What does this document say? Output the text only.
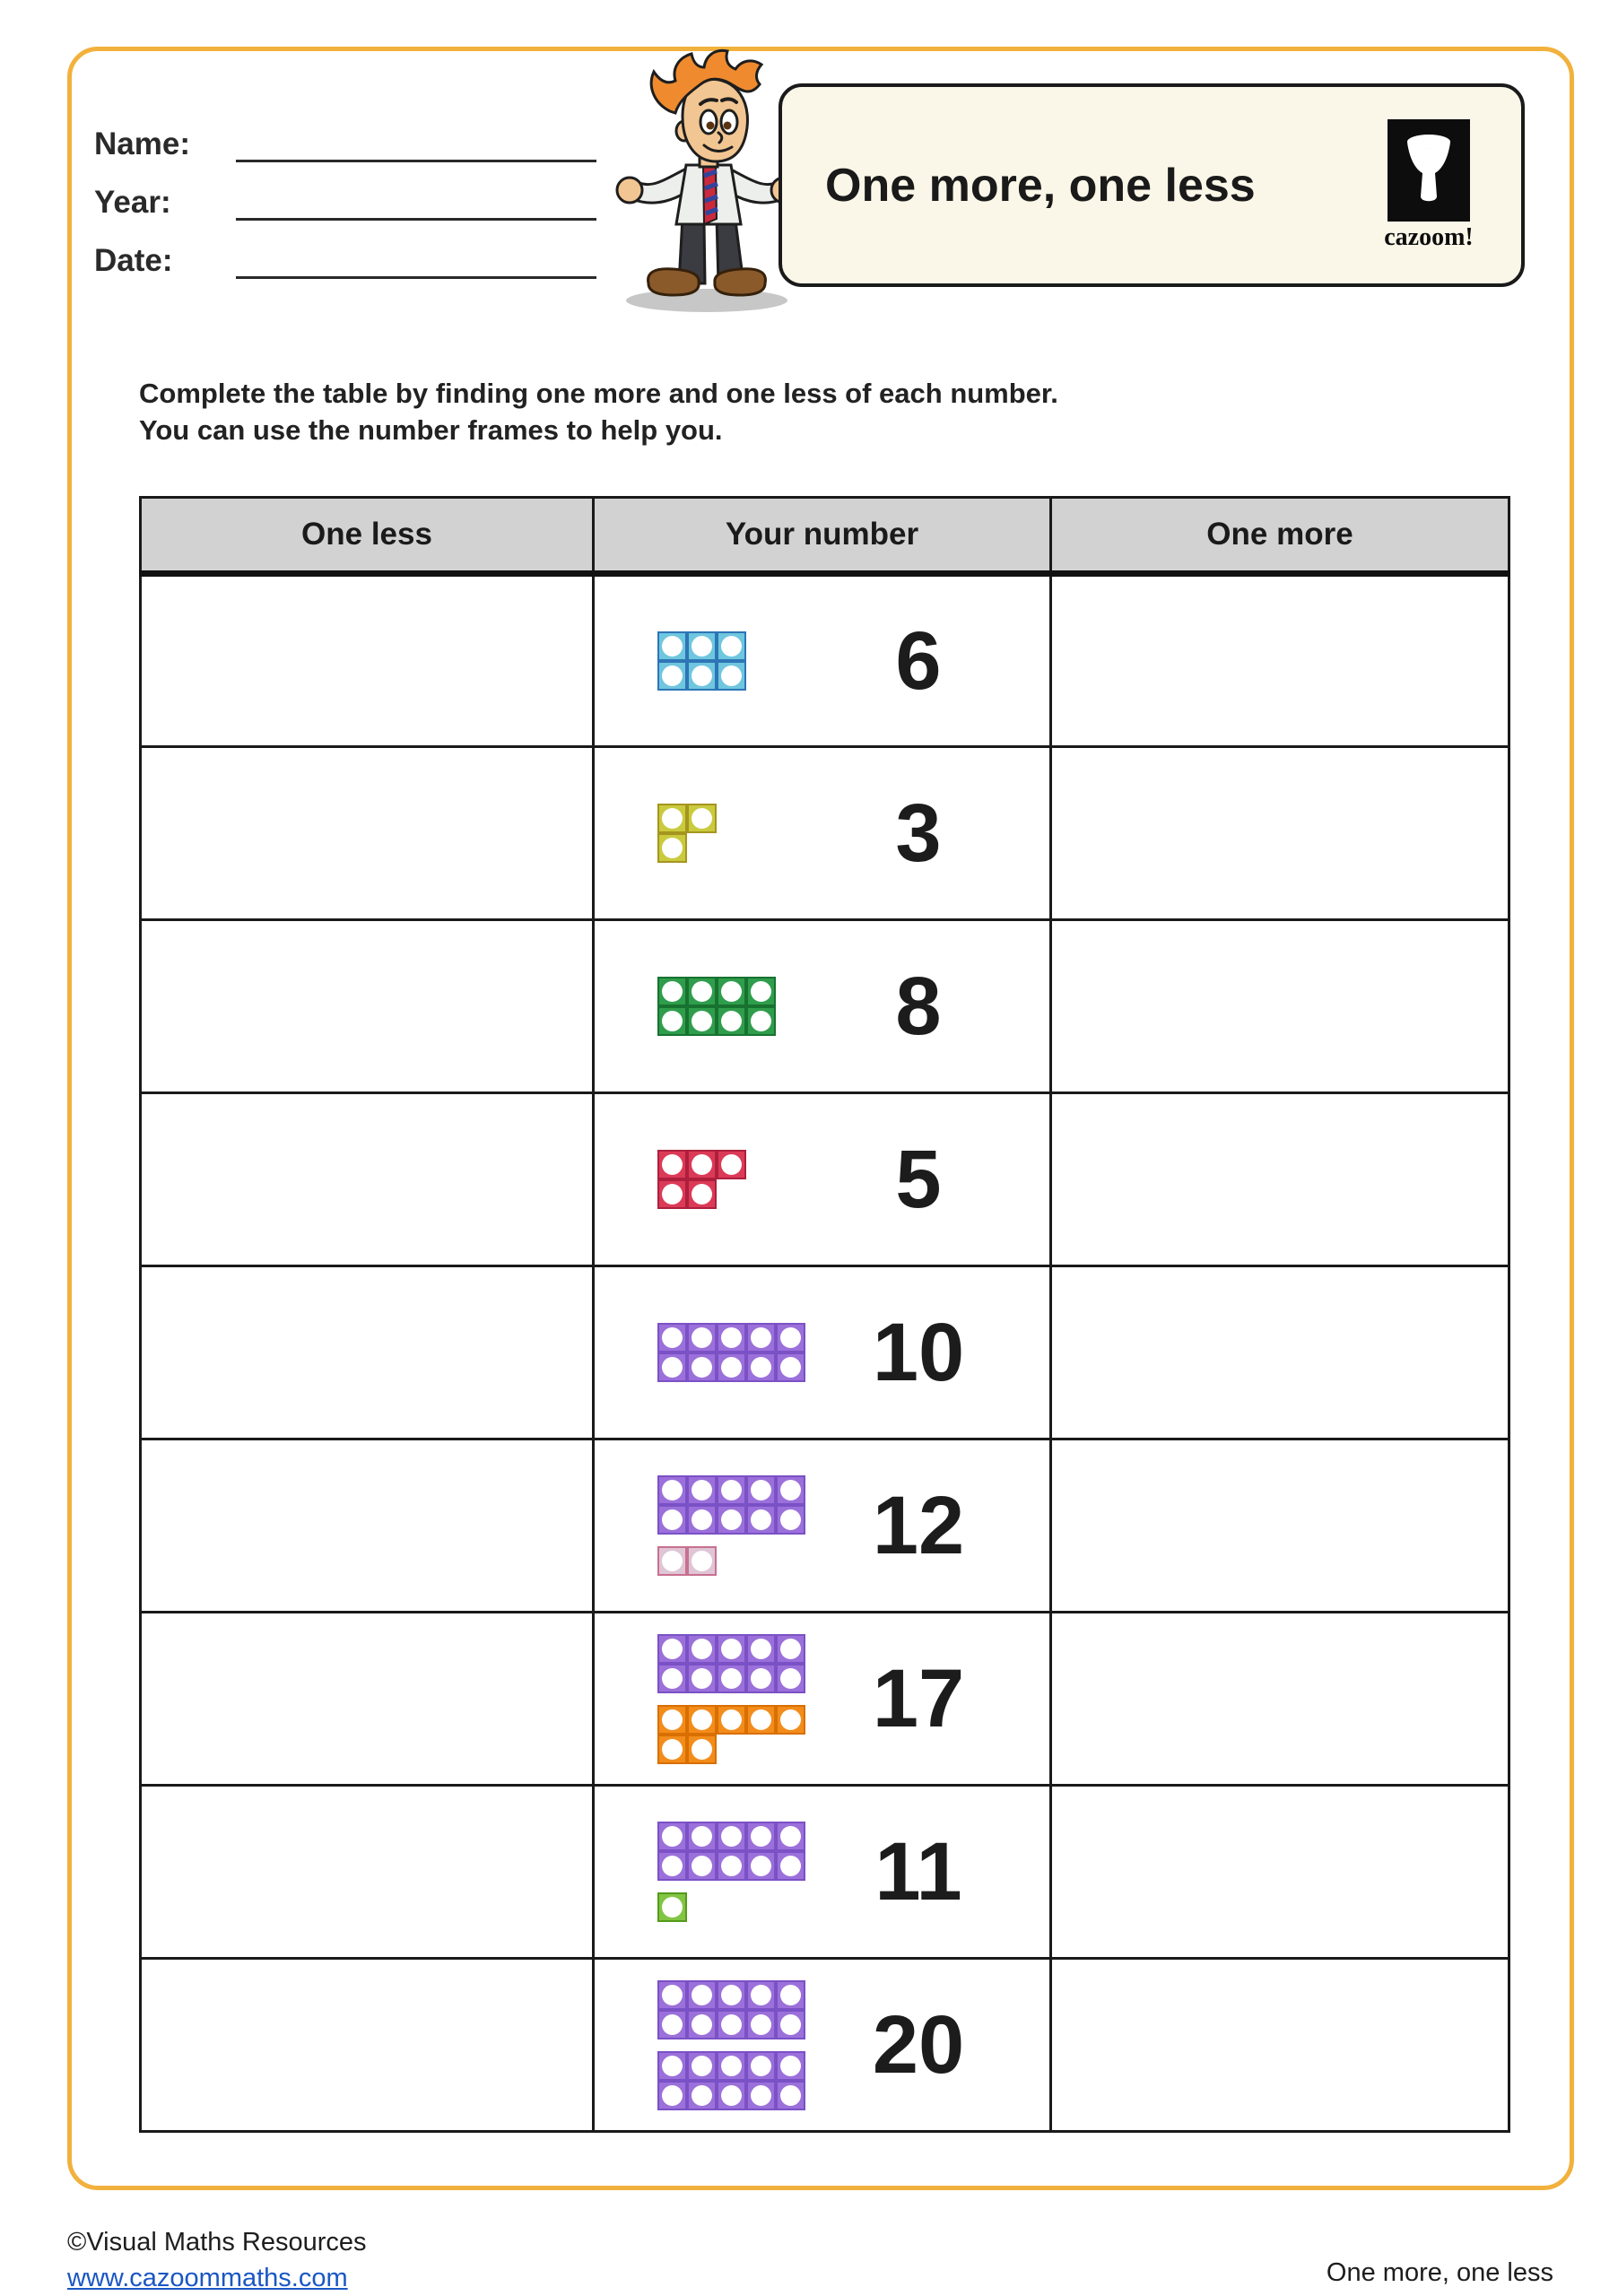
Name:
Year:
Date:
One more, one less
cazoom!
Complete the table by finding one more and one less of each number.
You can use the number frames to help you.
One less	Your number	One more

	6	

	3	

	8	

	5	

	10	

	12	

	17	

	11	

	20	

©Visual Maths Resources
www.cazoommaths.com	One more, one less
